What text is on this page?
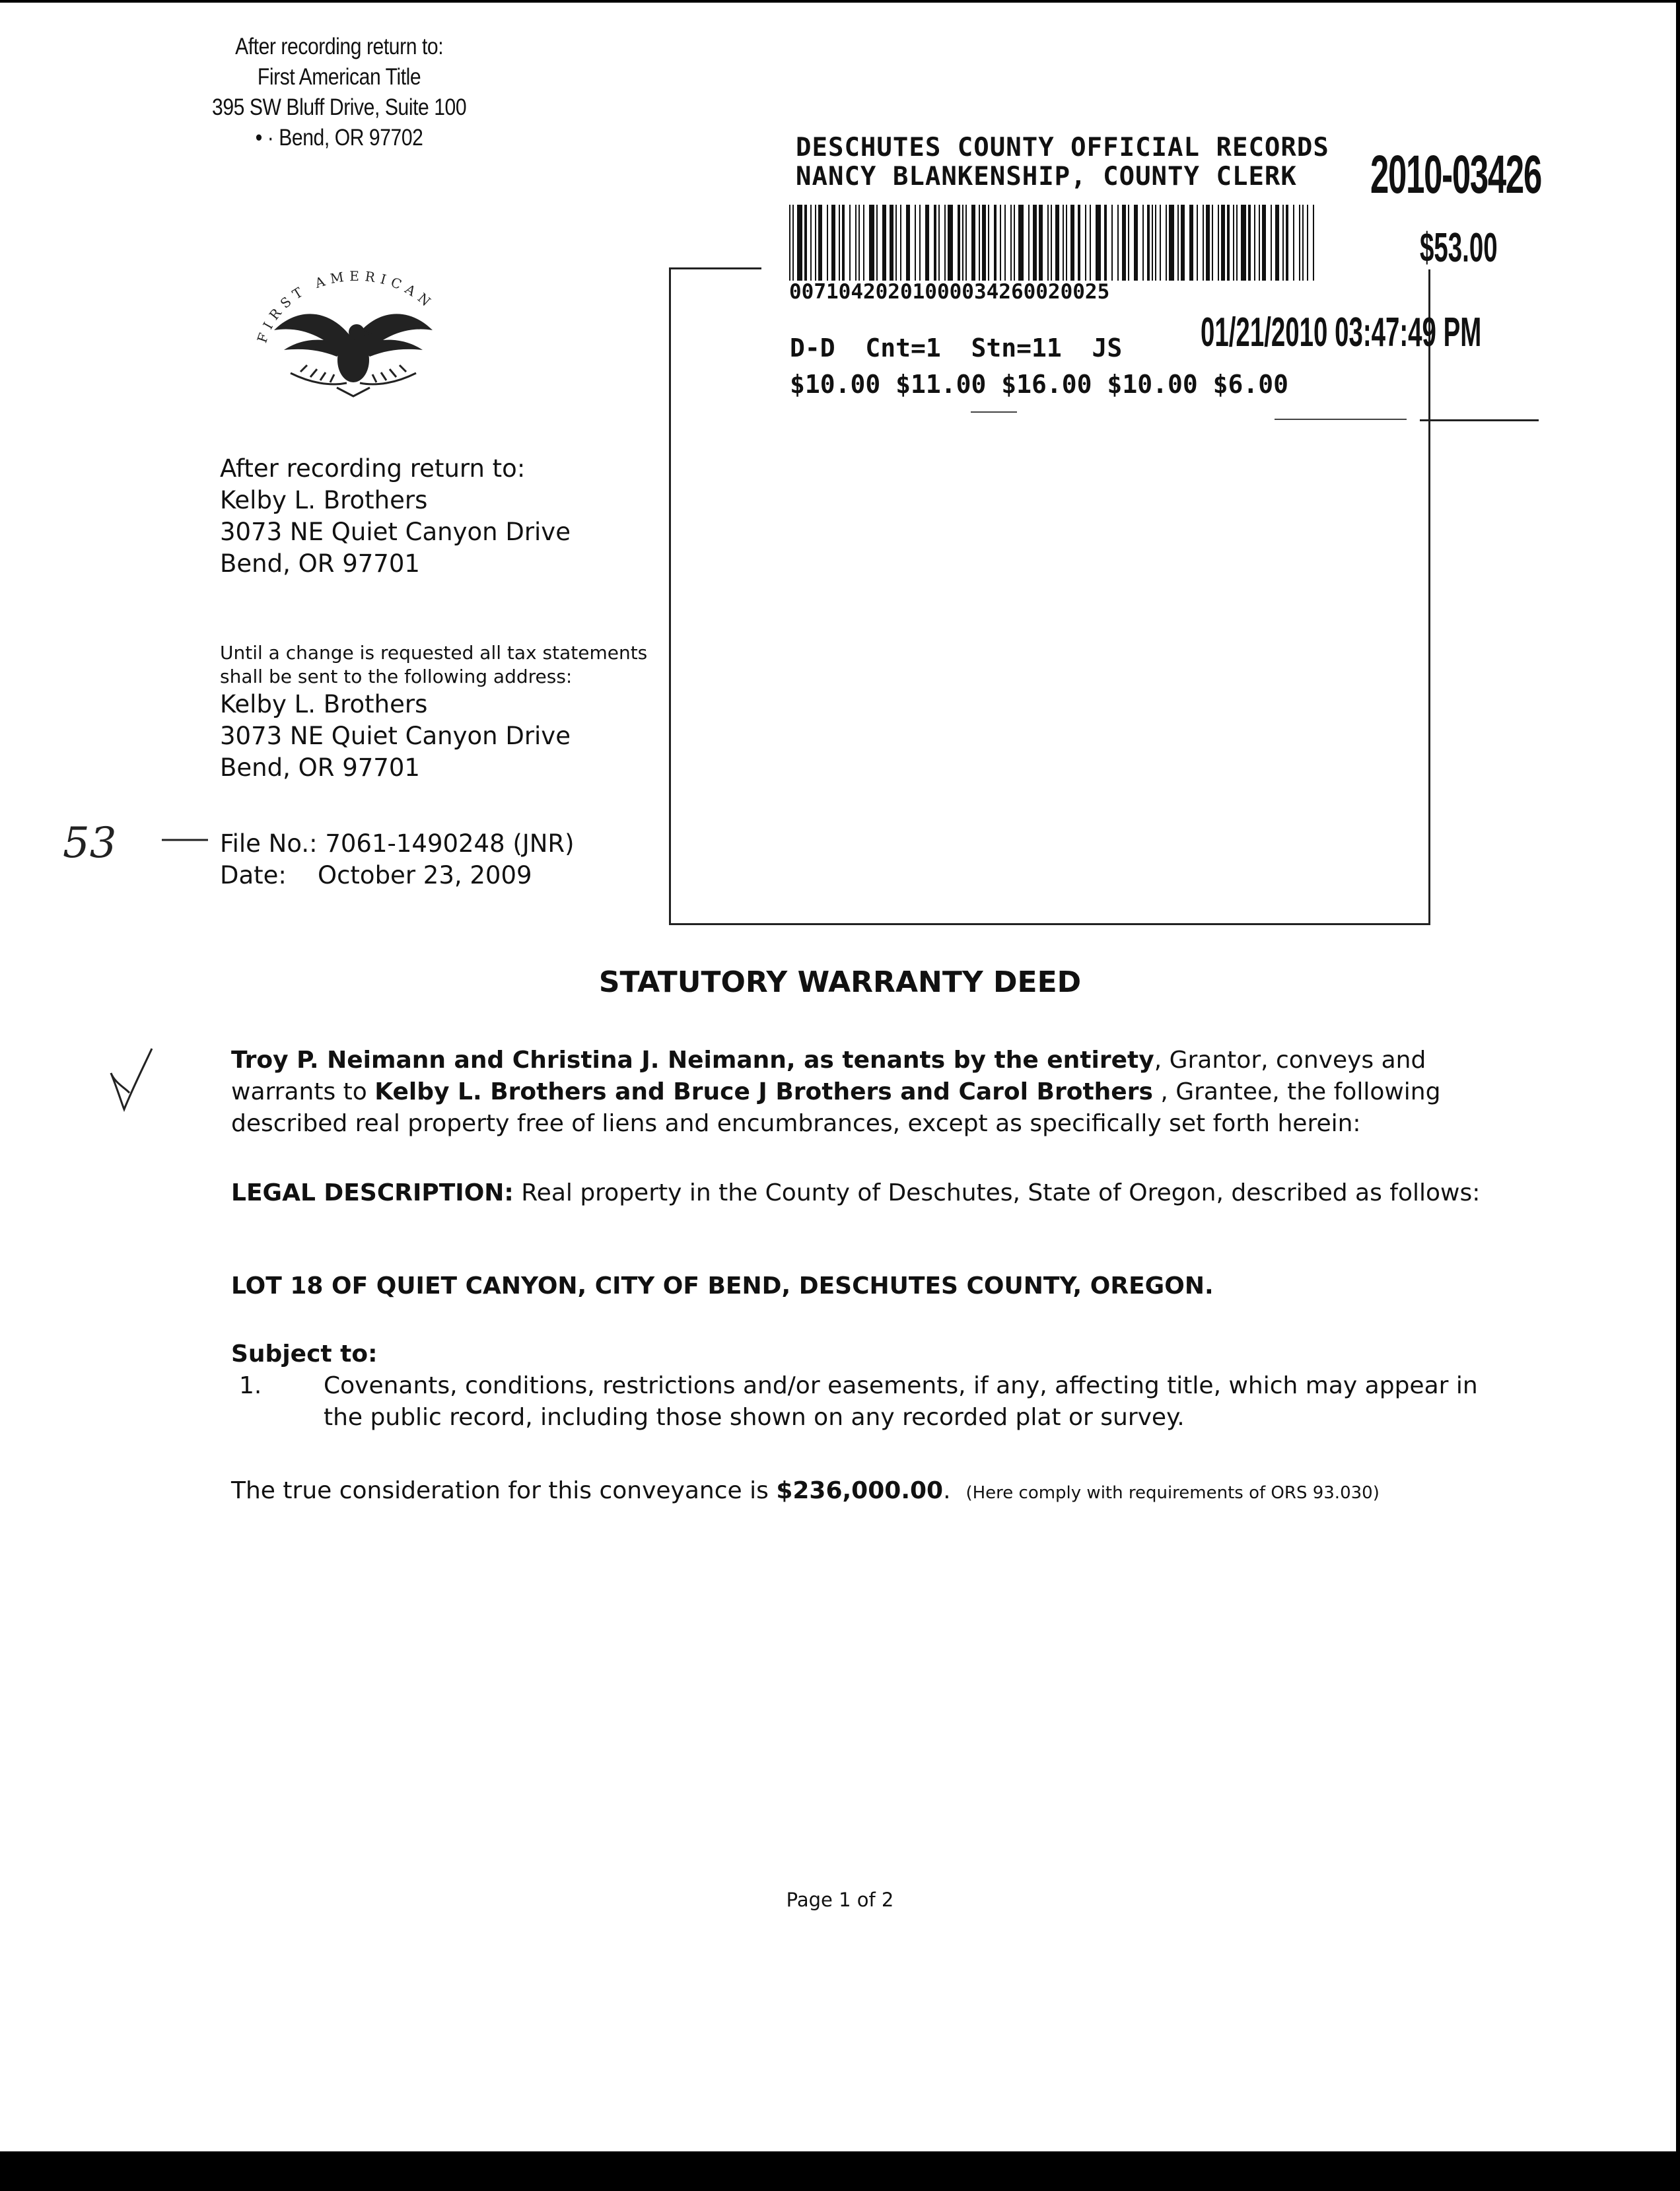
After recording return to:
First American Title
395 SW Bluff Drive, Suite 100
• · Bend, OR 97702
FIRST AMERICAN
DESCHUTES COUNTY OFFICIAL RECORDS
NANCY BLANKENSHIP, COUNTY CLERK	2010-03426
$53.00
00710420201000034260020025
01/21/2010 03:47:49 PM
D-D  Cnt=1  Stn=11  JS
$10.00 $11.00 $16.00 $10.00 $6.00
After recording return to:
Kelby L. Brothers
3073 NE Quiet Canyon Drive
Bend, OR 97701
Until a change is requested all tax statements
shall be sent to the following address:
Kelby L. Brothers
3073 NE Quiet Canyon Drive
Bend, OR 97701
53	File No.: 7061-1490248 (JNR)
Date: October 23, 2009
STATUTORY WARRANTY DEED
Troy P. Neimann and Christina J. Neimann, as tenants by the entirety, Grantor, conveys and warrants to Kelby L. Brothers and Bruce J Brothers and Carol Brothers , Grantee, the following described real property free of liens and encumbrances, except as specifically set forth herein:
LEGAL DESCRIPTION: Real property in the County of Deschutes, State of Oregon, described as follows:
LOT 18 OF QUIET CANYON, CITY OF BEND, DESCHUTES COUNTY, OREGON.
Subject to:
1.	Covenants, conditions, restrictions and/or easements, if any, affecting title, which may appear in the public record, including those shown on any recorded plat or survey.
The true consideration for this conveyance is $236,000.00.  (Here comply with requirements of ORS 93.030)
Page 1 of 2
